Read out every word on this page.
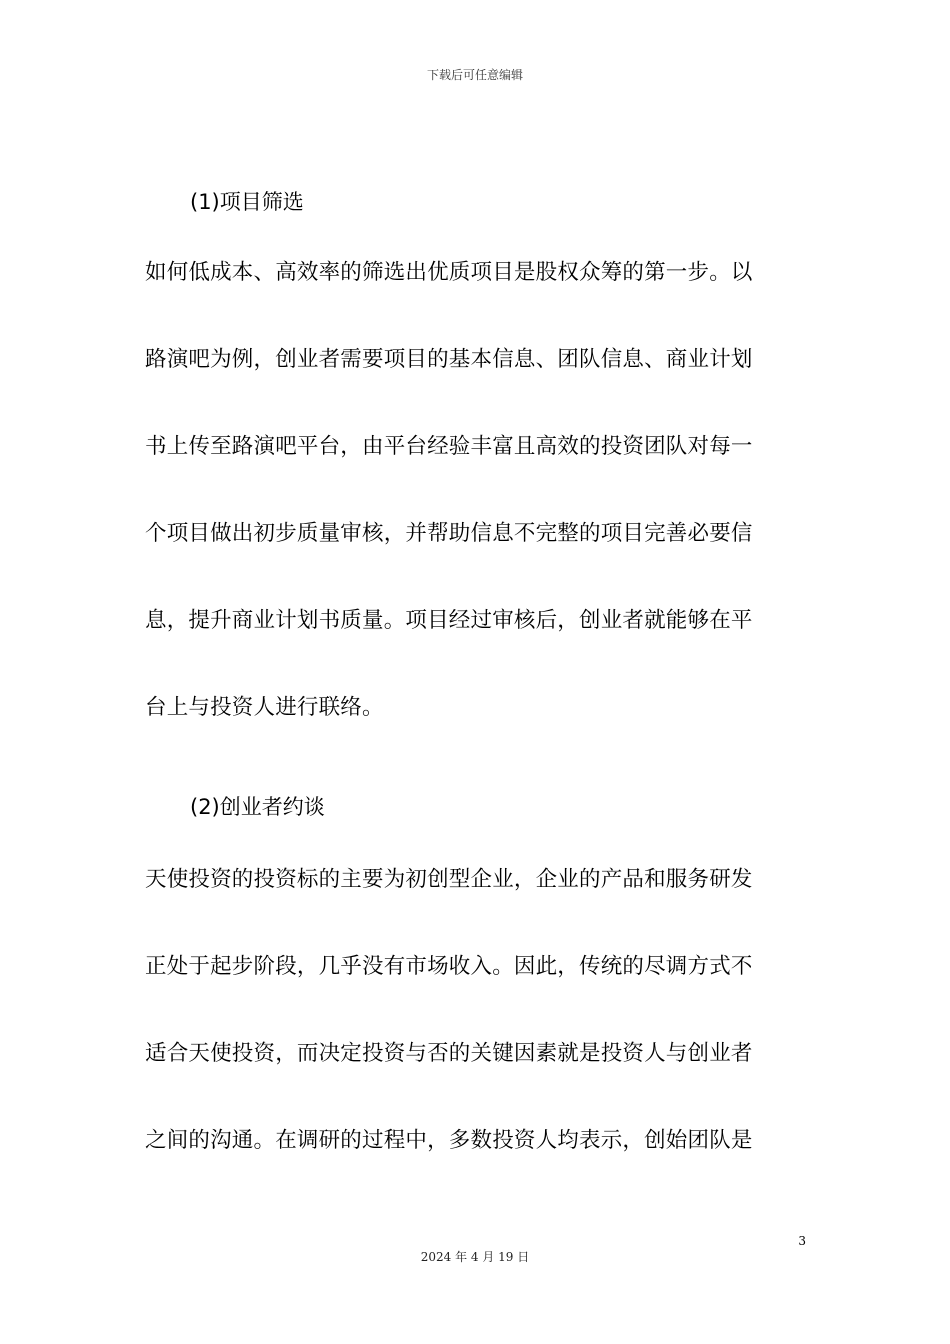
下载后可任意编辑
(1)项目筛选
如何低成本、高效率的筛选出优质项目是股权众筹的第一步。以
路演吧为例，创业者需要项目的基本信息、团队信息、商业计划
书上传至路演吧平台，由平台经验丰富且高效的投资团队对每一
个项目做出初步质量审核，并帮助信息不完整的项目完善必要信
息，提升商业计划书质量。项目经过审核后，创业者就能够在平
台上与投资人进行联络。
(2)创业者约谈
天使投资的投资标的主要为初创型企业，企业的产品和服务研发
正处于起步阶段，几乎没有市场收入。因此，传统的尽调方式不
适合天使投资，而决定投资与否的关键因素就是投资人与创业者
之间的沟通。在调研的过程中，多数投资人均表示，创始团队是
3
2024 年 4 月 19 日
